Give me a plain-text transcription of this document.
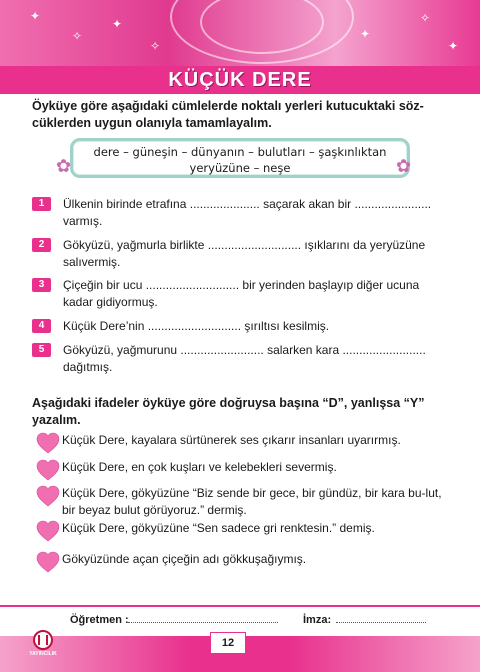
✦
✧
✦
✧
✦
✧
✦
KÜÇÜK DERE
Öyküye göre aşağıdaki cümlelerde noktalı yerleri kutucuktaki söz-cüklerden uygun olanıyla tamamlayalım.
dere – güneşin – dünyanın – bulutları – şaşkınlıktan
yeryüzüne – neşe
✿	✿
1	Ülkenin birinde etrafına ..................... saçarak akan bir ....................... varmış.
2	Gökyüzü, yağmurla birlikte ............................ ışıklarını da yeryüzüne salıvermiş.
3	Çiçeğin bir ucu ............................ bir yerinden başlayıp diğer ucuna kadar gidiyormuş.
4	Küçük Dere’nin ............................ şırıltısı kesilmiş.
5	Gökyüzü, yağmurunu ......................... salarken kara ......................... dağıtmış.
Aşağıdaki ifadeler öyküye göre doğruysa başına “D”, yanlışsa “Y” yazalım.
Küçük Dere, kayalara sürtünerek ses çıkarır insanları uyarırmış.
Küçük Dere, en çok kuşları ve kelebekleri severmiş.
Küçük Dere, gökyüzüne “Biz sende bir gece, bir gündüz, bir kara bu-lut, bir beyaz bulut görüyoruz.” dermiş.
Küçük Dere, gökyüzüne “Sen sadece gri renktesin.” demiş.
Gökyüzünde açan çiçeğin adı gökkuşağıymış.
Öğretmen :	İmza:
12
YAYINCILIK
